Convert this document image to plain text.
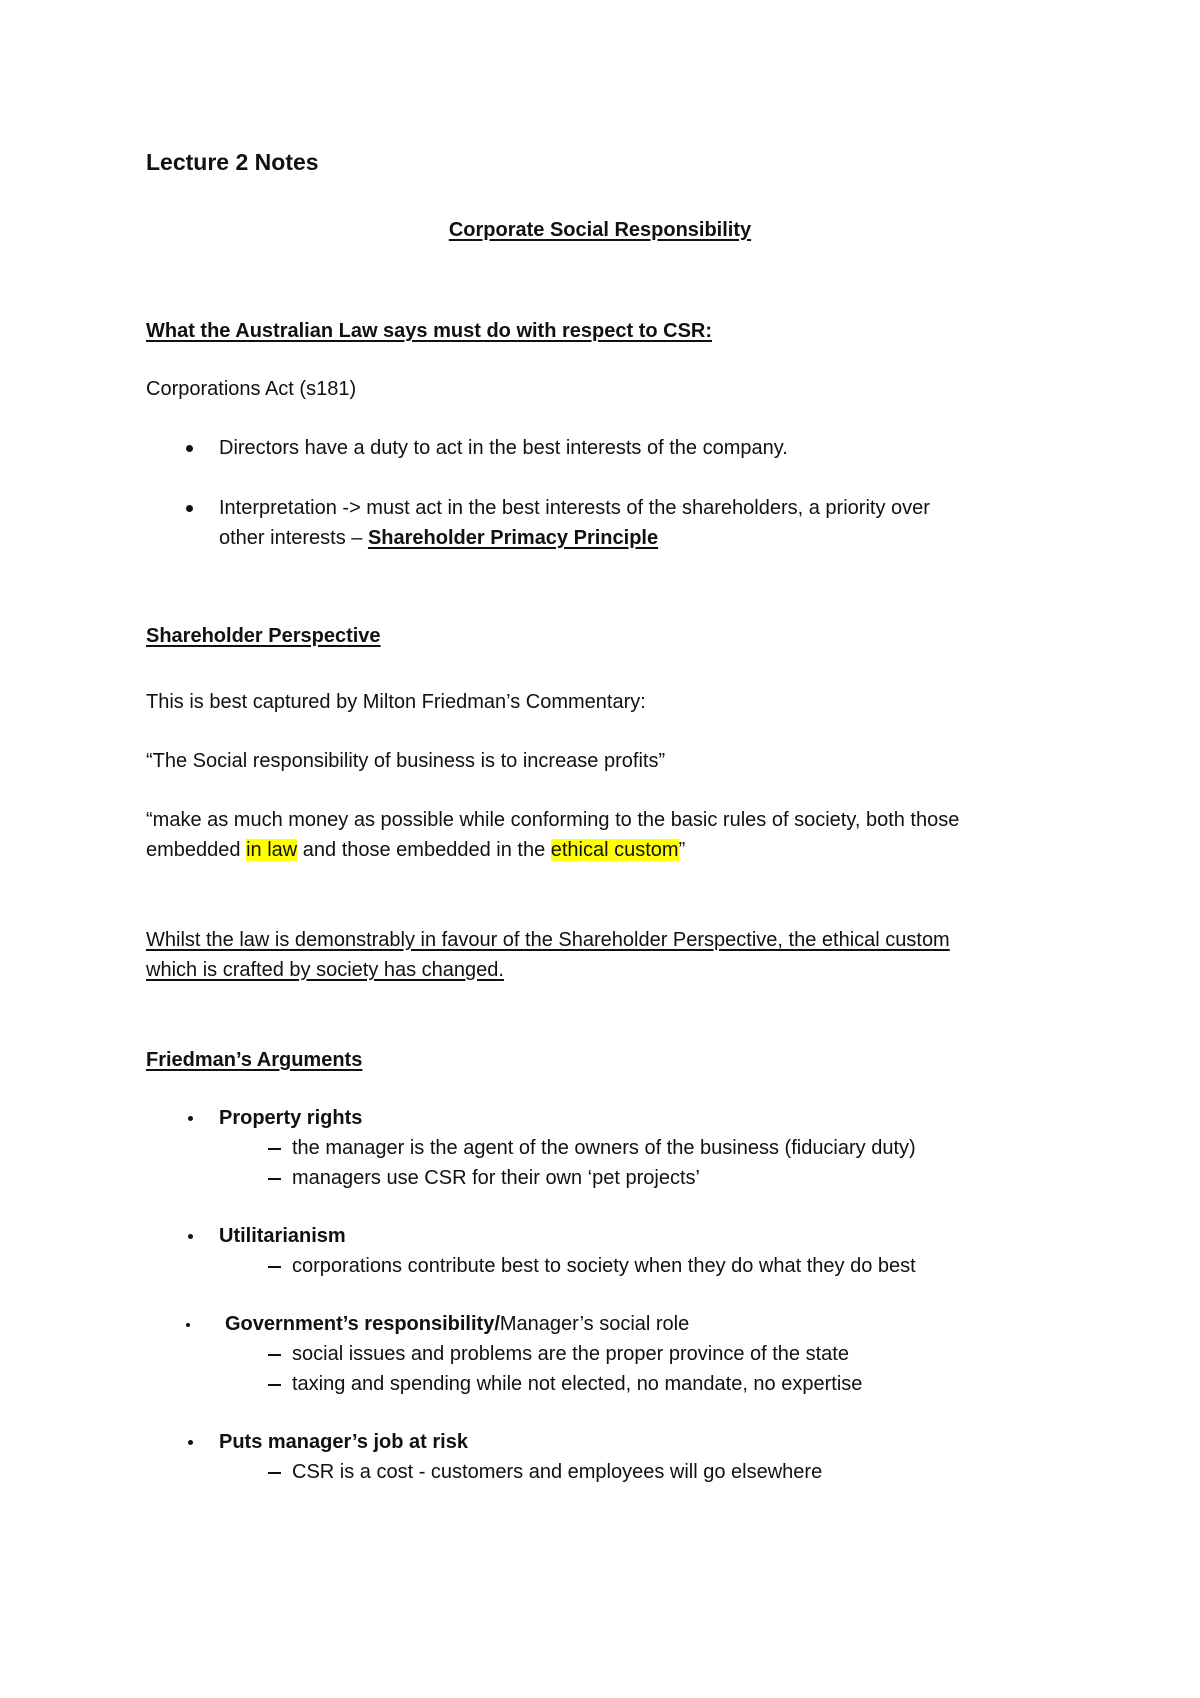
Lecture 2 Notes
Corporate Social Responsibility
What the Australian Law says must do with respect to CSR:
Corporations Act (s181)
Directors have a duty to act in the best interests of the company.
Interpretation -> must act in the best interests of the shareholders, a priority over
other interests – Shareholder Primacy Principle
Shareholder Perspective
This is best captured by Milton Friedman’s Commentary:
“The Social responsibility of business is to increase profits”
“make as much money as possible while conforming to the basic rules of society, both those
embedded in law and those embedded in the ethical custom”
Whilst the law is demonstrably in favour of the Shareholder Perspective, the ethical custom
which is crafted by society has changed.
Friedman’s Arguments
Property rights
the manager is the agent of the owners of the business (fiduciary duty)
managers use CSR for their own ‘pet projects’
Utilitarianism
corporations contribute best to society when they do what they do best
Government’s responsibility/Manager’s social role
social issues and problems are the proper province of the state
taxing and spending while not elected, no mandate, no expertise
Puts manager’s job at risk
CSR is a cost - customers and employees will go elsewhere
